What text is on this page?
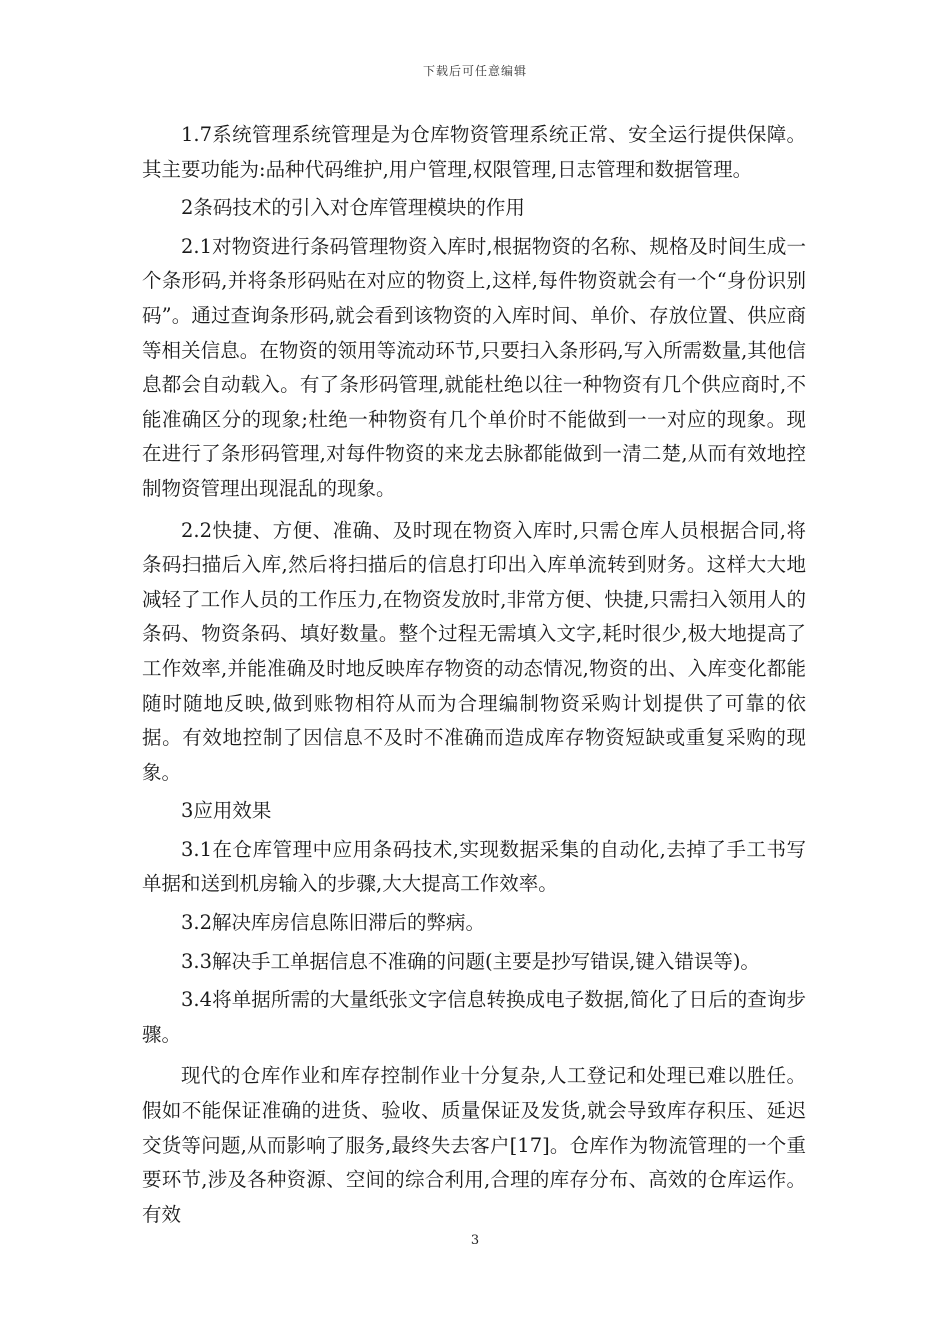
下载后可任意编辑

1.7系统管理系统管理是为仓库物资管理系统正常、安全运行提供保障。其主要功能为:品种代码维护,用户管理,权限管理,日志管理和数据管理。

2条码技术的引入对仓库管理模块的作用

2.1对物资进行条码管理物资入库时,根据物资的名称、规格及时间生成一个条形码,并将条形码贴在对应的物资上,这样,每件物资就会有一个“身份识别码”。通过查询条形码,就会看到该物资的入库时间、单价、存放位置、供应商等相关信息。在物资的领用等流动环节,只要扫入条形码,写入所需数量,其他信息都会自动载入。有了条形码管理,就能杜绝以往一种物资有几个供应商时,不能准确区分的现象;杜绝一种物资有几个单价时不能做到一一对应的现象。现在进行了条形码管理,对每件物资的来龙去脉都能做到一清二楚,从而有效地控制物资管理出现混乱的现象。

2.2快捷、方便、准确、及时现在物资入库时,只需仓库人员根据合同,将条码扫描后入库,然后将扫描后的信息打印出入库单流转到财务。这样大大地减轻了工作人员的工作压力,在物资发放时,非常方便、快捷,只需扫入领用人的条码、物资条码、填好数量。整个过程无需填入文字,耗时很少,极大地提高了工作效率,并能准确及时地反映库存物资的动态情况,物资的出、入库变化都能随时随地反映,做到账物相符从而为合理编制物资采购计划提供了可靠的依据。有效地控制了因信息不及时不准确而造成库存物资短缺或重复采购的现象。

3应用效果

3.1在仓库管理中应用条码技术,实现数据采集的自动化,去掉了手工书写单据和送到机房输入的步骤,大大提高工作效率。

3.2解决库房信息陈旧滞后的弊病。

3.3解决手工单据信息不准确的问题(主要是抄写错误,键入错误等)。

3.4将单据所需的大量纸张文字信息转换成电子数据,简化了日后的查询步骤。

现代的仓库作业和库存控制作业十分复杂,人工登记和处理已难以胜任。假如不能保证准确的进货、验收、质量保证及发货,就会导致库存积压、延迟交货等问题,从而影响了服务,最终失去客户[17]。仓库作为物流管理的一个重要环节,涉及各种资源、空间的综合利用,合理的库存分布、高效的仓库运作。有效

3
